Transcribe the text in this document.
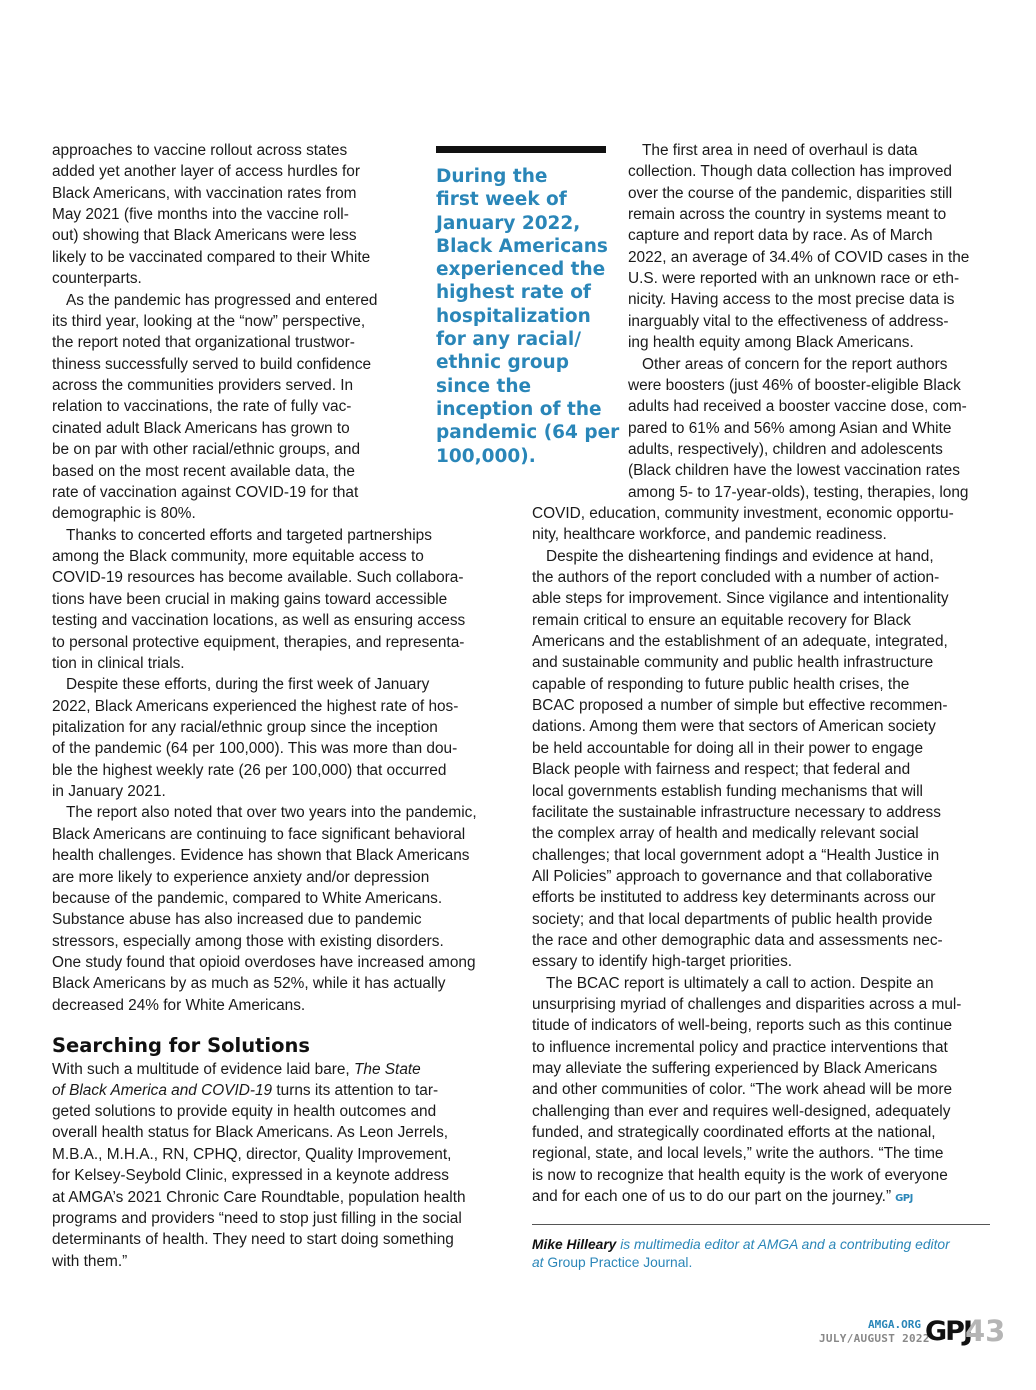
approaches to vaccine rollout across states
added yet another layer of access hurdles for
Black Americans, with vaccination rates from
May 2021 (five months into the vaccine roll-
out) showing that Black Americans were less
likely to be vaccinated compared to their White
counterparts.
As the pandemic has progressed and entered
its third year, looking at the “now” perspective,
the report noted that organizational trustwor-
thiness successfully served to build confidence
across the communities providers served. In
relation to vaccinations, the rate of fully vac-
cinated adult Black Americans has grown to
be on par with other racial/ethnic groups, and
based on the most recent available data, the
rate of vaccination against COVID-19 for that
demographic is 80%.
Thanks to concerted efforts and targeted partnerships
among the Black community, more equitable access to
COVID-19 resources has become available. Such collabora-
tions have been crucial in making gains toward accessible
testing and vaccination locations, as well as ensuring access
to personal protective equipment, therapies, and representa-
tion in clinical trials.
Despite these efforts, during the first week of January
2022, Black Americans experienced the highest rate of hos-
pitalization for any racial/ethnic group since the inception
of the pandemic (64 per 100,000). This was more than dou-
ble the highest weekly rate (26 per 100,000) that occurred
in January 2021.
The report also noted that over two years into the pandemic,
Black Americans are continuing to face significant behavioral
health challenges. Evidence has shown that Black Americans
are more likely to experience anxiety and/or depression
because of the pandemic, compared to White Americans.
Substance abuse has also increased due to pandemic
stressors, especially among those with existing disorders.
One study found that opioid overdoses have increased among
Black Americans by as much as 52%, while it has actually
decreased 24% for White Americans.
The first area in need of overhaul is data
collection. Though data collection has improved
over the course of the pandemic, disparities still
remain across the country in systems meant to
capture and report data by race. As of March
2022, an average of 34.4% of COVID cases in the
U.S. were reported with an unknown race or eth-
nicity. Having access to the most precise data is
inarguably vital to the effectiveness of address-
ing health equity among Black Americans.
Other areas of concern for the report authors
were boosters (just 46% of booster-eligible Black
adults had received a booster vaccine dose, com-
pared to 61% and 56% among Asian and White
adults, respectively), children and adolescents
(Black children have the lowest vaccination rates
among 5- to 17-year-olds), testing, therapies, long
COVID, education, community investment, economic opportu-
nity, healthcare workforce, and pandemic readiness.
Despite the disheartening findings and evidence at hand,
the authors of the report concluded with a number of action-
able steps for improvement. Since vigilance and intentionality
remain critical to ensure an equitable recovery for Black
Americans and the establishment of an adequate, integrated,
and sustainable community and public health infrastructure
capable of responding to future public health crises, the
BCAC proposed a number of simple but effective recommen-
dations. Among them were that sectors of American society
be held accountable for doing all in their power to engage
Black people with fairness and respect; that federal and
local governments establish funding mechanisms that will
facilitate the sustainable infrastructure necessary to address
the complex array of health and medically relevant social
challenges; that local government adopt a “Health Justice in
All Policies” approach to governance and that collaborative
efforts be instituted to address key determinants across our
society; and that local departments of public health provide
the race and other demographic data and assessments nec-
essary to identify high-target priorities.
The BCAC report is ultimately a call to action. Despite an
unsurprising myriad of challenges and disparities across a mul-
titude of indicators of well-being, reports such as this continue
to influence incremental policy and practice interventions that
may alleviate the suffering experienced by Black Americans
and other communities of color. “The work ahead will be more
challenging than ever and requires well-designed, adequately
funded, and strategically coordinated efforts at the national,
regional, state, and local levels,” write the authors. “The time
is now to recognize that health equity is the work of everyone
and for each one of us to do our part on the journey.” GPJ
During the
first week of
January 2022,
Black Americans
experienced the
highest rate of
hospitalization
for any racial/
ethnic group
since the
inception of the
pandemic (64 per
100,000).
Searching for Solutions
With such a multitude of evidence laid bare, The State
of Black America and COVID-19 turns its attention to tar-
geted solutions to provide equity in health outcomes and
overall health status for Black Americans. As Leon Jerrels,
M.B.A., M.H.A., RN, CPHQ, director, Quality Improvement,
for Kelsey-Seybold Clinic, expressed in a keynote address
at AMGA’s 2021 Chronic Care Roundtable, population health
programs and providers “need to stop just filling in the social
determinants of health. They need to start doing something
with them.”
Mike Hilleary is multimedia editor at AMGA and a contributing editor
at Group Practice Journal.
AMGA.ORG
JULY/AUGUST 2022
GPJ
43
